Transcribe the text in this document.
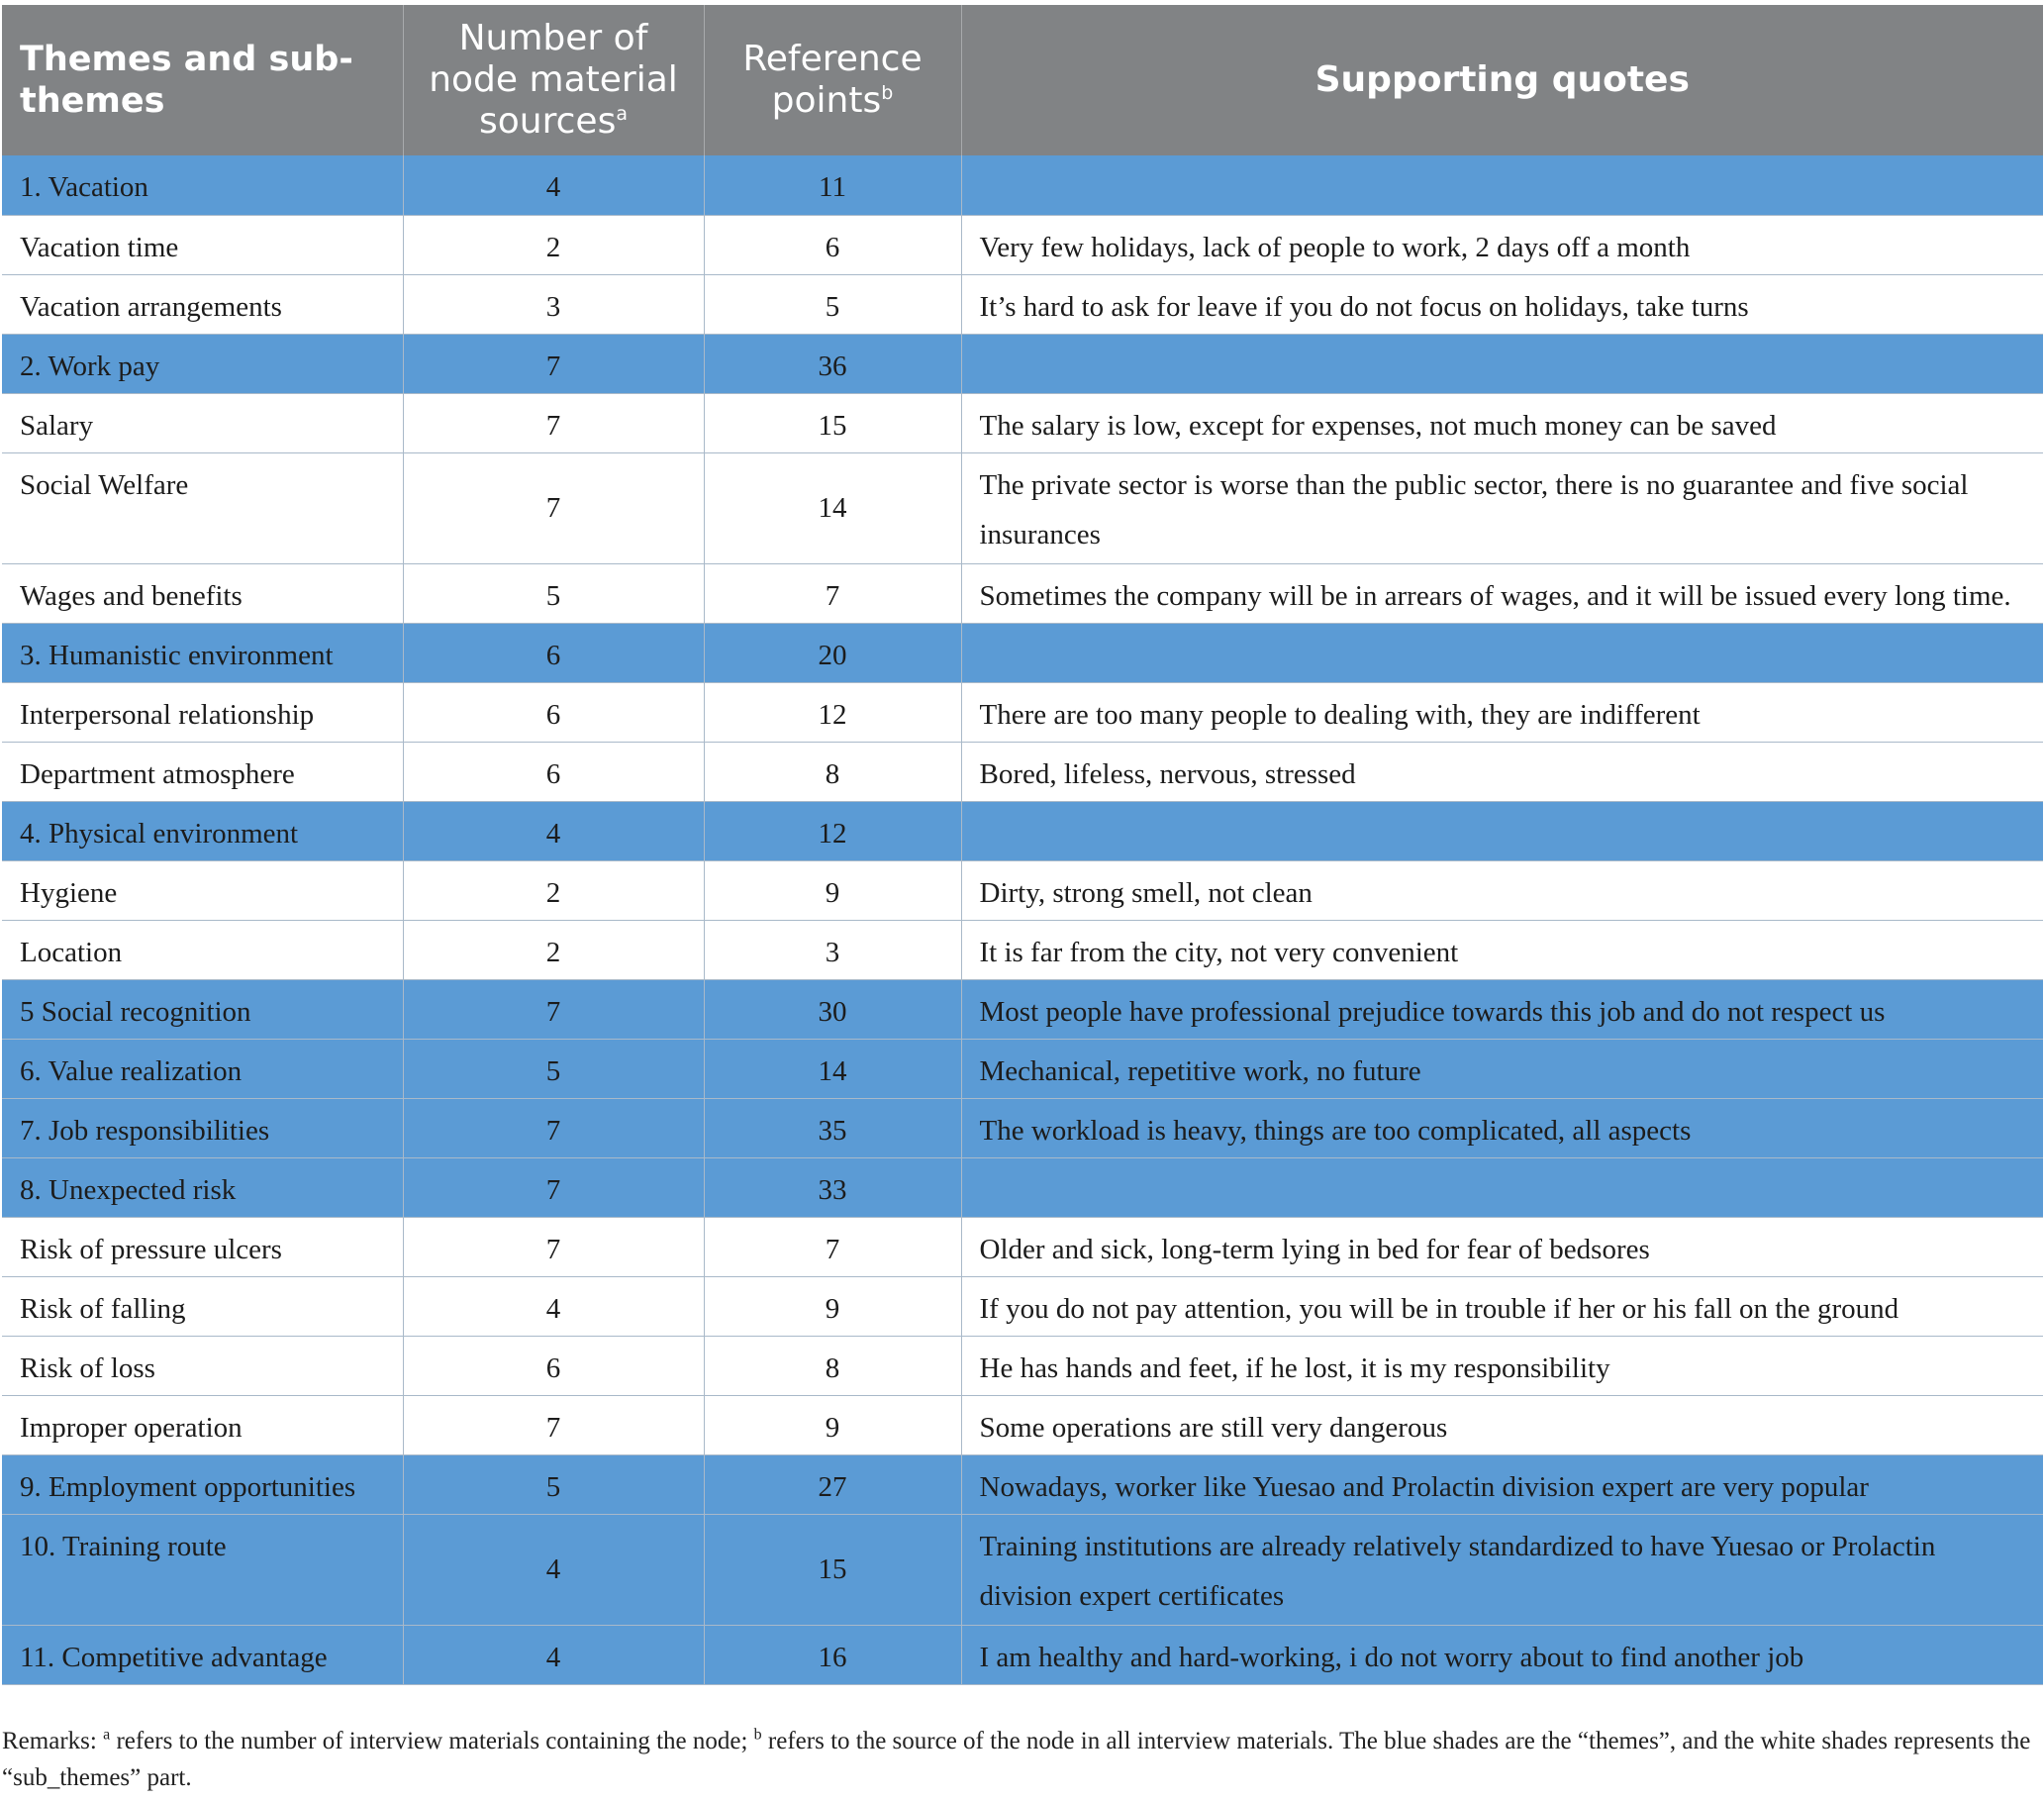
Themes and sub-themes	Number of node material sources$^a$	Reference points$^b$	Supporting quotes
1. Vacation	4	11	
Vacation time	2	6	Very few holidays, lack of people to work, 2 days off a month
Vacation arrangements	3	5	It’s hard to ask for leave if you do not focus on holidays, take turns
2. Work pay	7	36	
Salary	7	15	The salary is low, except for expenses, not much money can be saved
Social Welfare	7	14	The private sector is worse than the public sector, there is no guarantee and five social insurances
Wages and benefits	5	7	Sometimes the company will be in arrears of wages, and it will be issued every long time.
3. Humanistic environment	6	20	
Interpersonal relationship	6	12	There are too many people to dealing with, they are indifferent
Department atmosphere	6	8	Bored, lifeless, nervous, stressed
4. Physical environment	4	12	
Hygiene	2	9	Dirty, strong smell, not clean
Location	2	3	It is far from the city, not very convenient
5 Social recognition	7	30	Most people have professional prejudice towards this job and do not respect us
6. Value realization	5	14	Mechanical, repetitive work, no future
7. Job responsibilities	7	35	The workload is heavy, things are too complicated, all aspects
8. Unexpected risk	7	33	
Risk of pressure ulcers	7	7	Older and sick, long-term lying in bed for fear of bedsores
Risk of falling	4	9	If you do not pay attention, you will be in trouble if her or his fall on the ground
Risk of loss	6	8	He has hands and feet, if he lost, it is my responsibility
Improper operation	7	9	Some operations are still very dangerous
9. Employment opportunities	5	27	Nowadays, worker like Yuesao and Prolactin division expert are very popular
10. Training route	4	15	Training institutions are already relatively standardized to have Yuesao or Prolactin division expert certificates
11. Competitive advantage	4	16	I am healthy and hard-working, i do not worry about to find another job
Remarks: $^a$ refers to the number of interview materials containing the node; $^b$ refers to the source of the node in all interview materials. The blue shades are the “themes”, and the white shades represents the “sub_themes” part.
